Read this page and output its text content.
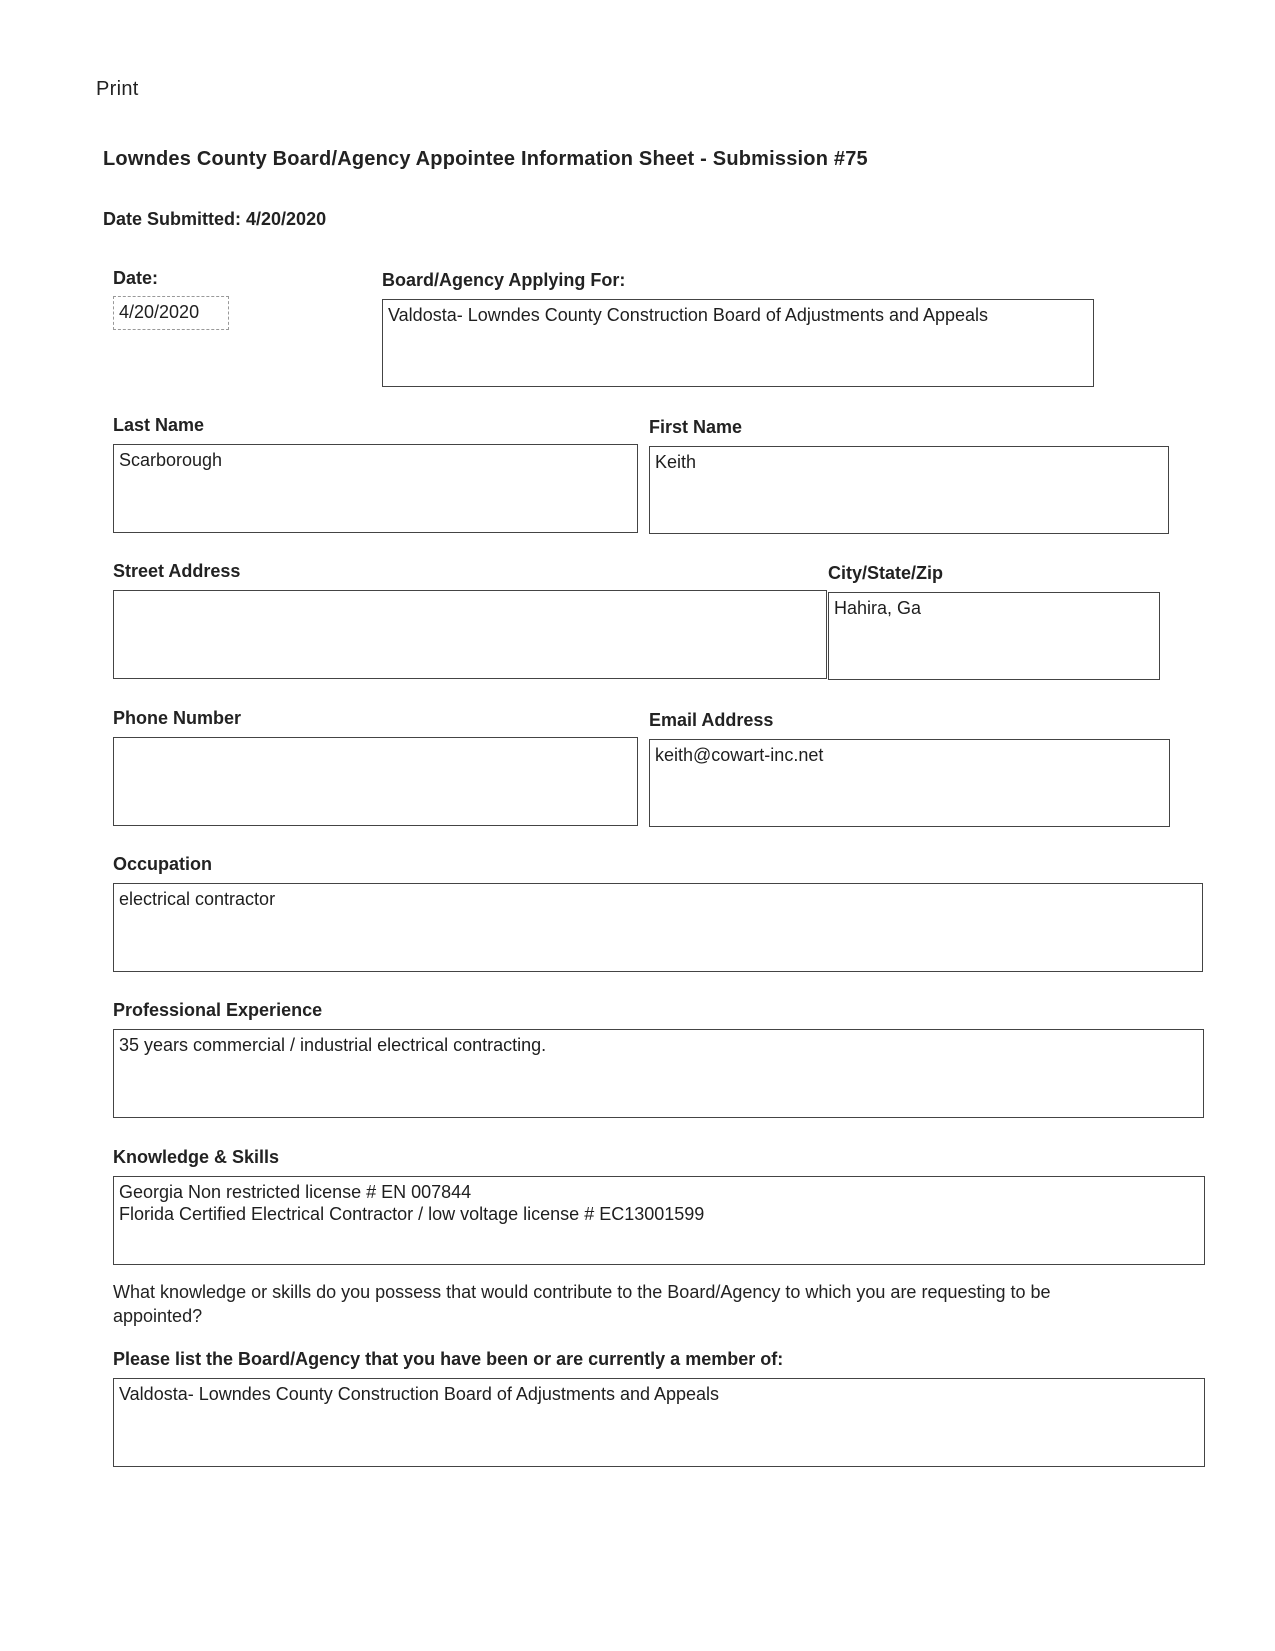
Print
Lowndes County Board/Agency Appointee Information Sheet - Submission #75
Date Submitted: 4/20/2020
Date:
4/20/2020
Board/Agency Applying For:
Valdosta- Lowndes County Construction Board of Adjustments and Appeals
Last Name
Scarborough
First Name
Keith
Street Address	City/State/Zip
Hahira, Ga
Phone Number	Email Address
keith@cowart-inc.net
Occupation
electrical contractor
Professional Experience
35 years commercial / industrial electrical contracting.
Knowledge & Skills
Georgia Non restricted license # EN 007844
Florida Certified Electrical Contractor / low voltage license # EC13001599
What knowledge or skills do you possess that would contribute to the Board/Agency to which you are requesting to be appointed?
Please list the Board/Agency that you have been or are currently a member of:
Valdosta- Lowndes County Construction Board of Adjustments and Appeals
